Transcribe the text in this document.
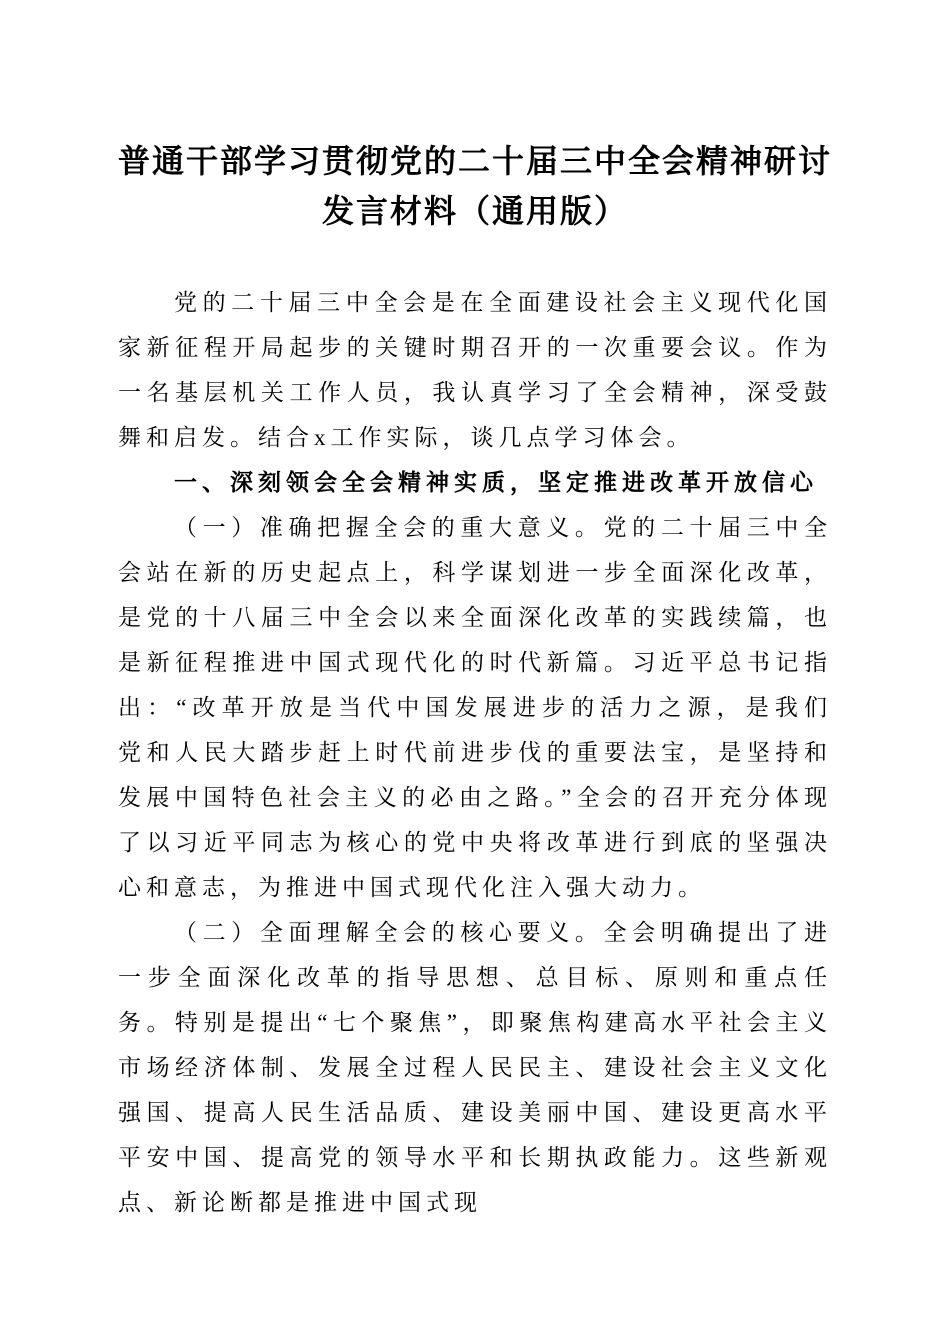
普通干部学习贯彻党的二十届三中全会精神研讨发言材料（通用版）

党的二十届三中全会是在全面建设社会主义现代化国家新征程开局起步的关键时期召开的一次重要会议。作为一名基层机关工作人员，我认真学习了全会精神，深受鼓舞和启发。结合x工作实际，谈几点学习体会。

一、深刻领会全会精神实质，坚定推进改革开放信心

（一）准确把握全会的重大意义。党的二十届三中全会站在新的历史起点上，科学谋划进一步全面深化改革，是党的十八届三中全会以来全面深化改革的实践续篇，也是新征程推进中国式现代化的时代新篇。习近平总书记指出：“改革开放是当代中国发展进步的活力之源，是我们党和人民大踏步赶上时代前进步伐的重要法宝，是坚持和发展中国特色社会主义的必由之路。”全会的召开充分体现了以习近平同志为核心的党中央将改革进行到底的坚强决心和意志，为推进中国式现代化注入强大动力。

（二）全面理解全会的核心要义。全会明确提出了进一步全面深化改革的指导思想、总目标、原则和重点任务。特别是提出“七个聚焦”，即聚焦构建高水平社会主义市场经济体制、发展全过程人民民主、建设社会主义文化强国、提高人民生活品质、建设美丽中国、建设更高水平平安中国、提高党的领导水平和长期执政能力。这些新观点、新论断都是推进中国式现
